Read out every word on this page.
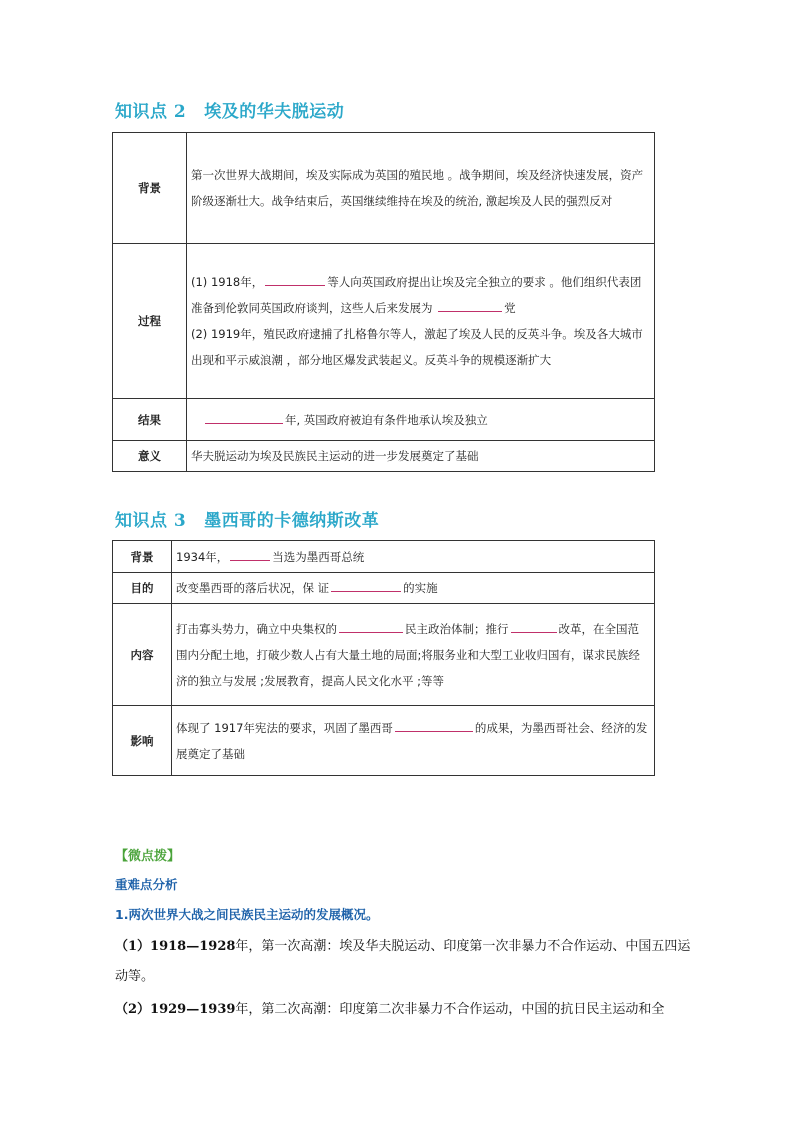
知识点 2 埃及的华夫脱运动
背景	第一次世界大战期间，埃及实际成为英国的殖民地 。战争期间，埃及经济快速发展，资产阶级逐渐壮大。战争结束后，英国继续维持在埃及的统治, 激起埃及人民的强烈反对
过程	(1) 1918年， 等人向英国政府提出让埃及完全独立的要求 。他们组织代表团准备到伦敦同英国政府谈判，这些人后来发展为 党
(2) 1919年，殖民政府逮捕了扎格鲁尔等人，激起了埃及人民的反英斗争。埃及各大城市出现和平示威浪潮 ，部分地区爆发武装起义。反英斗争的规模逐渐扩大
结果	年, 英国政府被迫有条件地承认埃及独立
意义	华夫脱运动为埃及民族民主运动的进一步发展奠定了基础
知识点 3 墨西哥的卡德纳斯改革
背景	1934年， 当选为墨西哥总统
目的	改变墨西哥的落后状况，保 证 的实施
内容	打击寡头势力，确立中央集权的 民主政治体制；推行 改革，在全国范围内分配土地，打破少数人占有大量土地的局面;将服务业和大型工业收归国有，谋求民族经济的独立与发展 ;发展教育，提高人民文化水平 ;等等
影响	体现了 1917年宪法的要求，巩固了墨西哥 的成果，为墨西哥社会、经济的发展奠定了基础
【微点拨】
重难点分析
1.两次世界大战之间民族民主运动的发展概况。
（1）1918—1928年，第一次高潮：埃及华夫脱运动、印度第一次非暴力不合作运动、中国五四运动等。
（2）1929—1939年，第二次高潮：印度第二次非暴力不合作运动，中国的抗日民主运动和全
